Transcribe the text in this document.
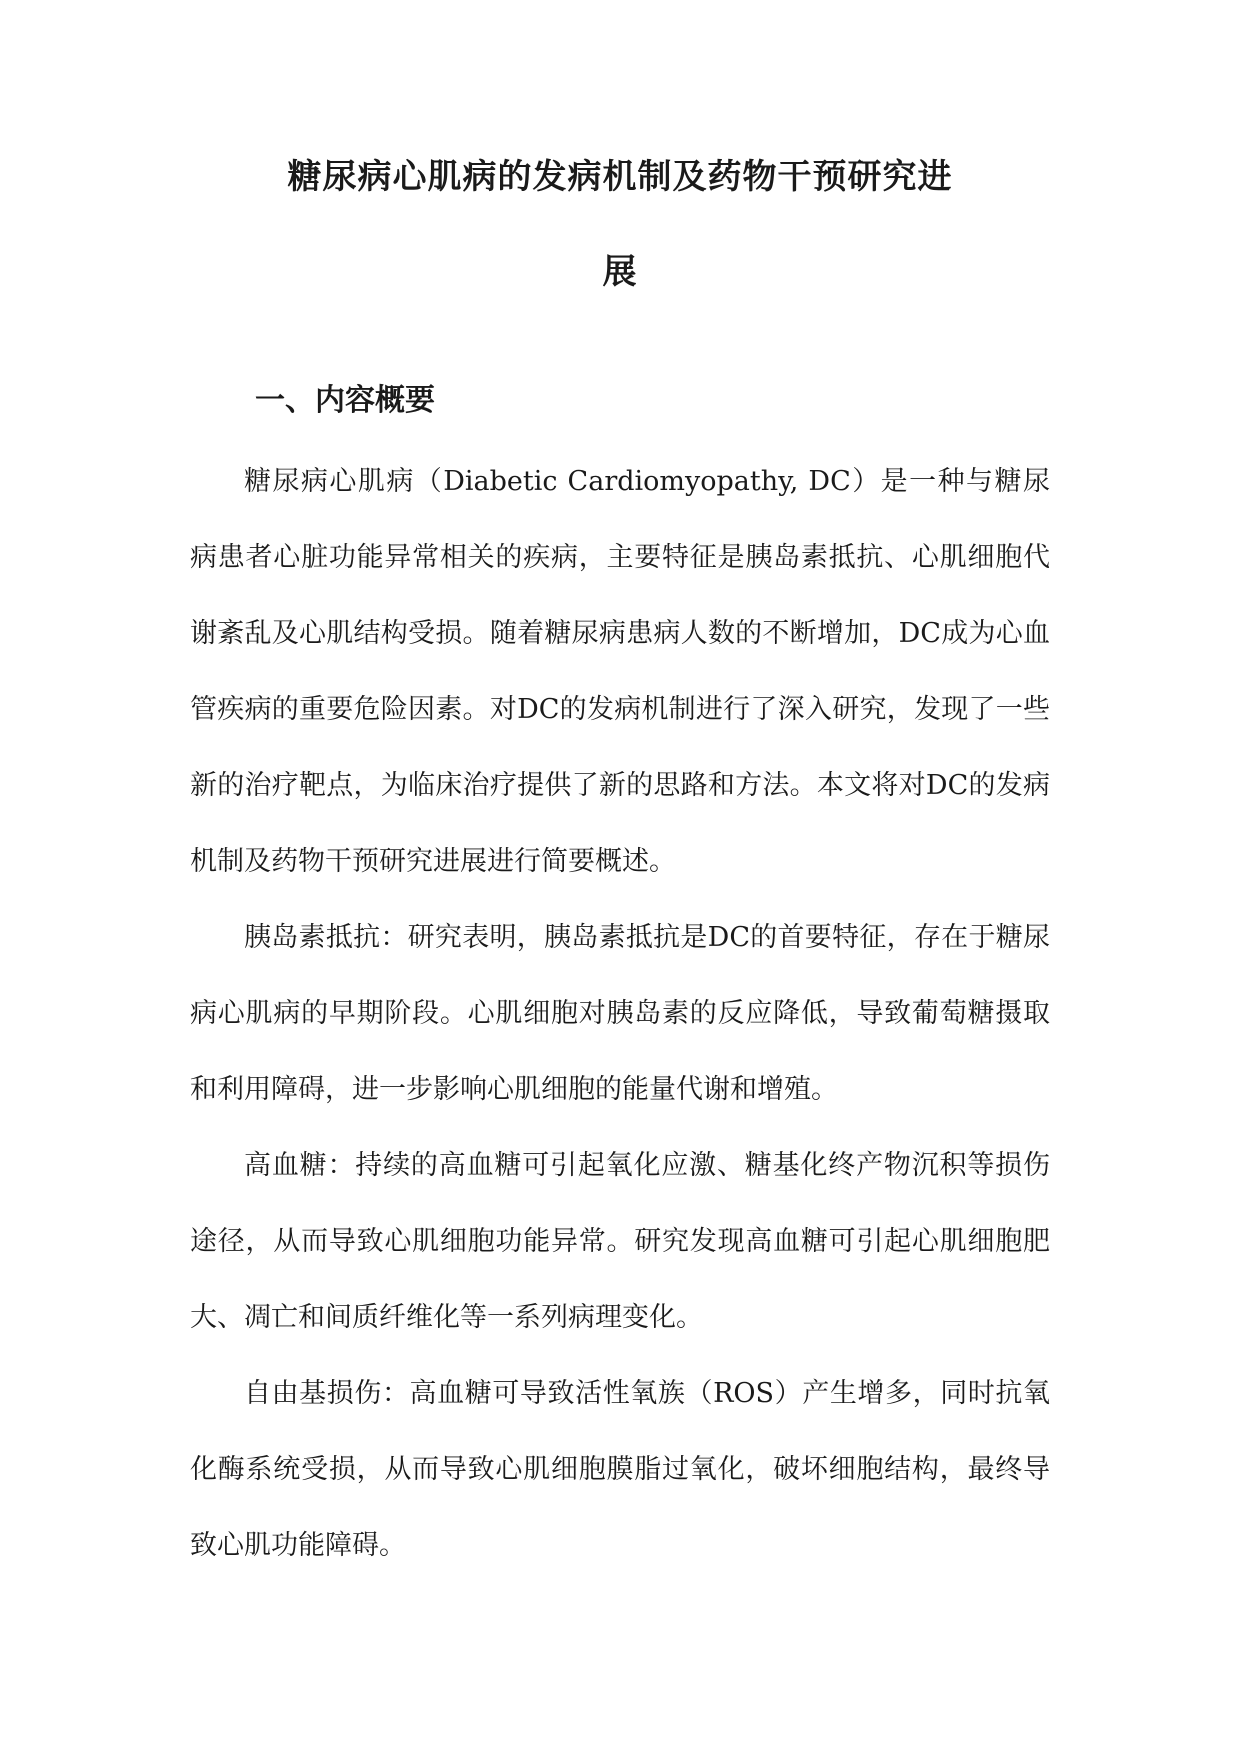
糖尿病心肌病的发病机制及药物干预研究进
展
一、内容概要

糖尿病心肌病（Diabetic Cardiomyopathy, DC）是一种与糖尿病患者心脏功能异常相关的疾病，主要特征是胰岛素抵抗、心肌细胞代谢紊乱及心肌结构受损。随着糖尿病患病人数的不断增加，DC成为心血管疾病的重要危险因素。对DC的发病机制进行了深入研究，发现了一些新的治疗靶点，为临床治疗提供了新的思路和方法。本文将对DC的发病机制及药物干预研究进展进行简要概述。

胰岛素抵抗：研究表明，胰岛素抵抗是DC的首要特征，存在于糖尿病心肌病的早期阶段。心肌细胞对胰岛素的反应降低，导致葡萄糖摄取和利用障碍，进一步影响心肌细胞的能量代谢和增殖。

高血糖：持续的高血糖可引起氧化应激、糖基化终产物沉积等损伤途径，从而导致心肌细胞功能异常。研究发现高血糖可引起心肌细胞肥大、凋亡和间质纤维化等一系列病理变化。

自由基损伤：高血糖可导致活性氧族（ROS）产生增多，同时抗氧化酶系统受损，从而导致心肌细胞膜脂过氧化，破坏细胞结构，最终导致心肌功能障碍。
